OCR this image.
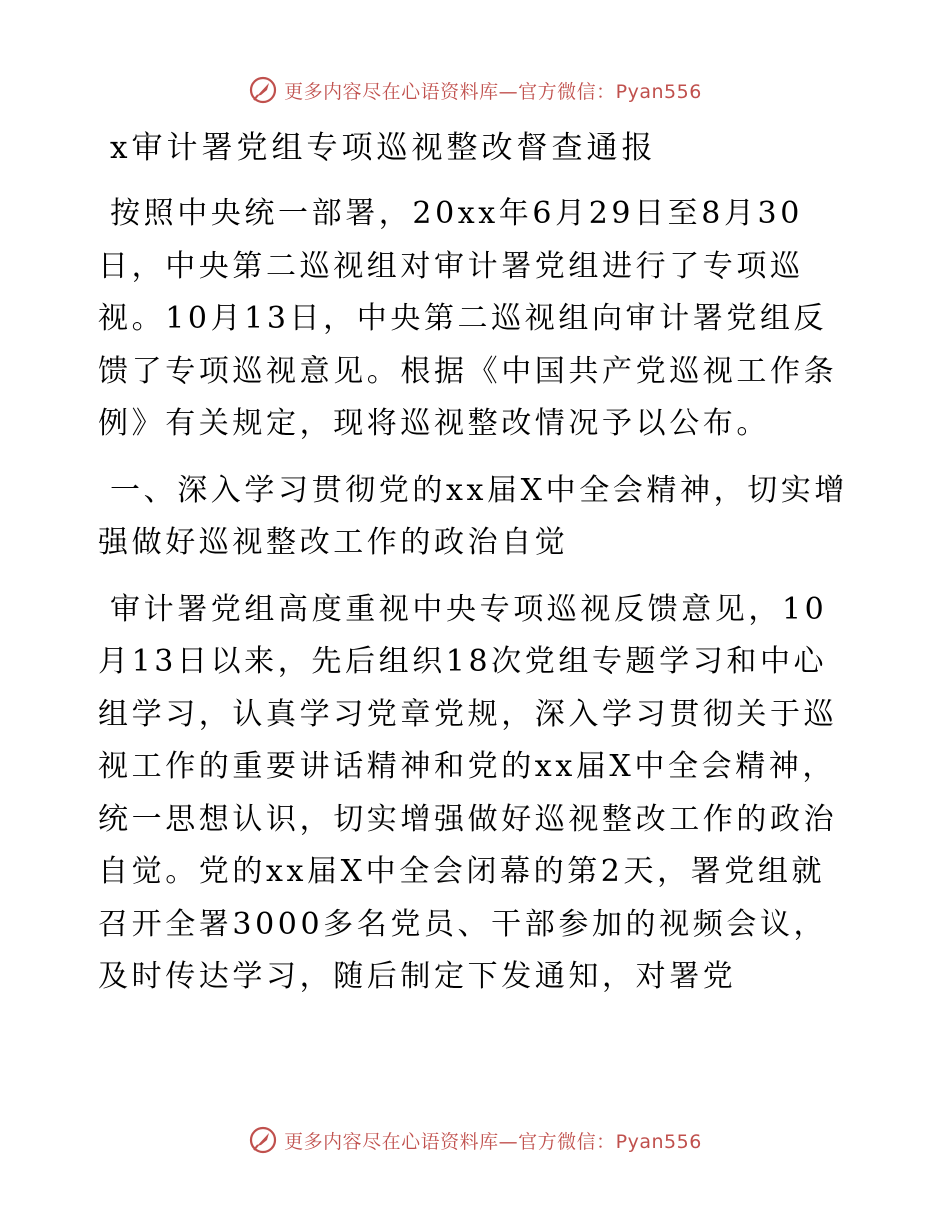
更多内容尽在心语资料库—官方微信：Pyan556
x审计署党组专项巡视整改督查通报

按照中央统一部署，20xx年6月29日至8月30日，中央第二巡视组对审计署党组进行了专项巡视。10月13日，中央第二巡视组向审计署党组反馈了专项巡视意见。根据《中国共产党巡视工作条例》有关规定，现将巡视整改情况予以公布。

一、深入学习贯彻党的xx届X中全会精神，切实增强做好巡视整改工作的政治自觉

审计署党组高度重视中央专项巡视反馈意见，10月13日以来，先后组织18次党组专题学习和中心组学习，认真学习党章党规，深入学习贯彻关于巡视工作的重要讲话精神和党的xx届X中全会精神，统一思想认识，切实增强做好巡视整改工作的政治自觉。党的xx届X中全会闭幕的第2天，署党组就召开全署3000多名党员、干部参加的视频会议，及时传达学习，随后制定下发通知，对署党

更多内容尽在心语资料库—官方微信：Pyan556
